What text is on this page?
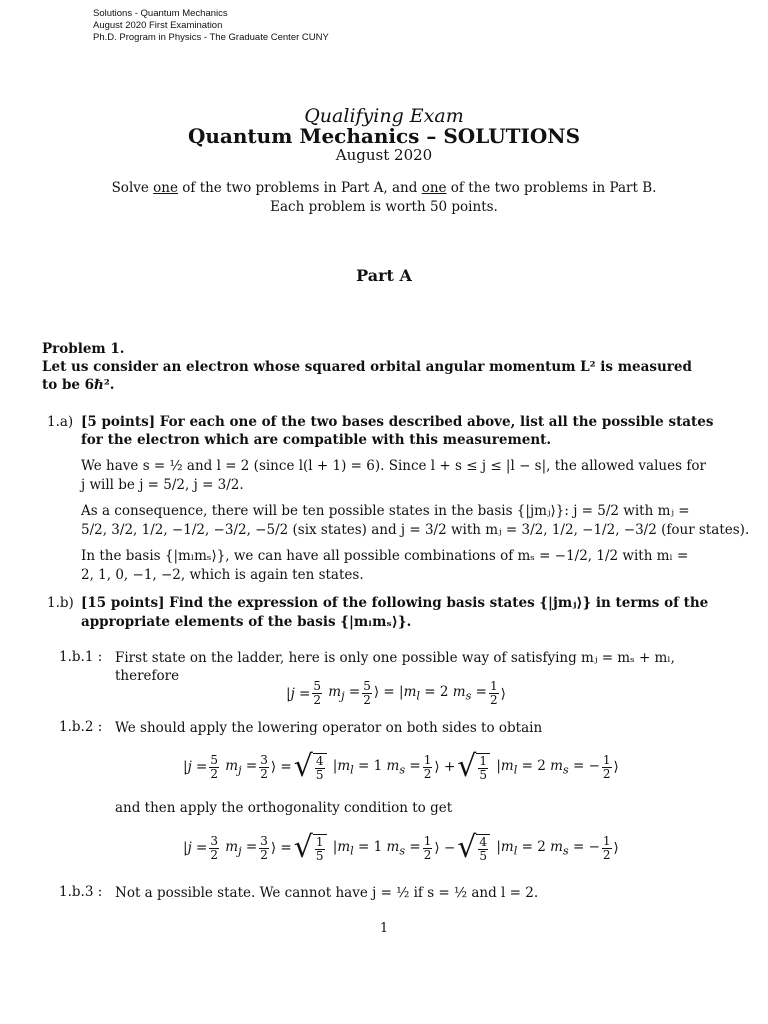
Solutions - Quantum Mechanics
August 2020 First Examination
Ph.D. Program in Physics - The Graduate Center CUNY
Qualifying Exam
Quantum Mechanics – SOLUTIONS
August 2020
Solve one of the two problems in Part A, and one of the two problems in Part B.
Each problem is worth 50 points.
Part A
Problem 1.
Let us consider an electron whose squared orbital angular momentum L² is measured
to be 6ℏ².
1.a) [5 points] For each one of the two bases described above, list all the possible states
for the electron which are compatible with this measurement.
We have s = ½ and l = 2 (since l(l + 1) = 6). Since l + s ≤ j ≤ |l − s|, the allowed values for
j will be j = 5/2, j = 3/2.
As a consequence, there will be ten possible states in the basis {|jmⱼ⟩}: j = 5/2 with mⱼ =
5/2, 3/2, 1/2, −1/2, −3/2, −5/2 (six states) and j = 3/2 with mⱼ = 3/2, 1/2, −1/2, −3/2 (four states).
In the basis {|mₗmₛ⟩}, we can have all possible combinations of mₛ = −1/2, 1/2 with mₗ =
2, 1, 0, −1, −2, which is again ten states.
1.b) [15 points] Find the expression of the following basis states {|jmⱼ⟩} in terms of the
appropriate elements of the basis {|mₗmₛ⟩}.
1.b.1 : First state on the ladder, here is only one possible way of satisfying mⱼ = mₛ + mₗ,
therefore
$|j = \frac{5}{2} m_j = \frac{5}{2}$ ⟩ = $|m_l = 2$ $m_s = \frac{1}{2}$ ⟩
1.b.2 : We should apply the lowering operator on both sides to obtain
$|j = \frac{5}{2} m_j = \frac{3}{2}$ ⟩ = √ $\frac{4}{5} |m_l = 1$ $m_s = \frac{1}{2}$ ⟩ + √ $\frac{1}{5} |m_l = 2$ $m_s$ = − $\frac{1}{2}$ ⟩
and then apply the orthogonality condition to get
$|j = \frac{3}{2} m_j = \frac{3}{2}$ ⟩ = √ $\frac{1}{5} |m_l = 1$ $m_s = \frac{1}{2}$ ⟩ − √ $\frac{4}{5} |m_l = 2$ $m_s$ = − $\frac{1}{2}$ ⟩
1.b.3 : Not a possible state. We cannot have j = ½ if s = ½ and l = 2.
1
